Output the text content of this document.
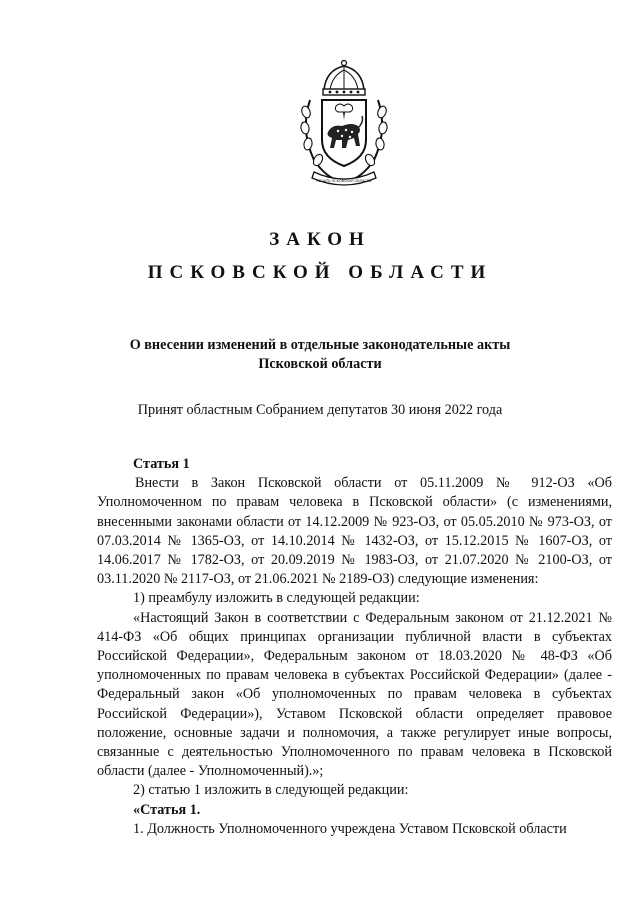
ПЕЧАТЬ ПСКОВСКАЯ ОБЛАСТЬ
ЗАКОН
ПСКОВСКОЙ ОБЛАСТИ
О внесении изменений в отдельные законодательные акты Псковской области
Принят областным Собранием депутатов 30 июня 2022 года

Статья 1

Внести в Закон Псковской области от 05.11.2009 № 912-ОЗ «Об Уполномоченном по правам человека в Псковской области» (с изменениями, внесенными законами области от 14.12.2009 № 923-ОЗ, от 05.05.2010 № 973-ОЗ, от 07.03.2014 № 1365-ОЗ, от 14.10.2014 № 1432-ОЗ, от 15.12.2015 № 1607-ОЗ, от 14.06.2017 № 1782-ОЗ, от 20.09.2019 № 1983-ОЗ, от 21.07.2020 № 2100-ОЗ, от 03.11.2020 № 2117-ОЗ, от 21.06.2021 № 2189-ОЗ) следующие изменения:

1) преамбулу изложить в следующей редакции:

«Настоящий Закон в соответствии с Федеральным законом от 21.12.2021 № 414-ФЗ «Об общих принципах организации публичной власти в субъектах Российской Федерации», Федеральным законом от 18.03.2020 № 48-ФЗ «Об уполномоченных по правам человека в субъектах Российской Федерации» (далее - Федеральный закон «Об уполномоченных по правам человека в субъектах Российской Федерации»), Уставом Псковской области определяет правовое положение, основные задачи и полномочия, а также регулирует иные вопросы, связанные с деятельностью Уполномоченного по правам человека в Псковской области (далее - Уполномоченный).»;

2) статью 1 изложить в следующей редакции:

«Статья 1.

1. Должность Уполномоченного учреждена Уставом Псковской области
